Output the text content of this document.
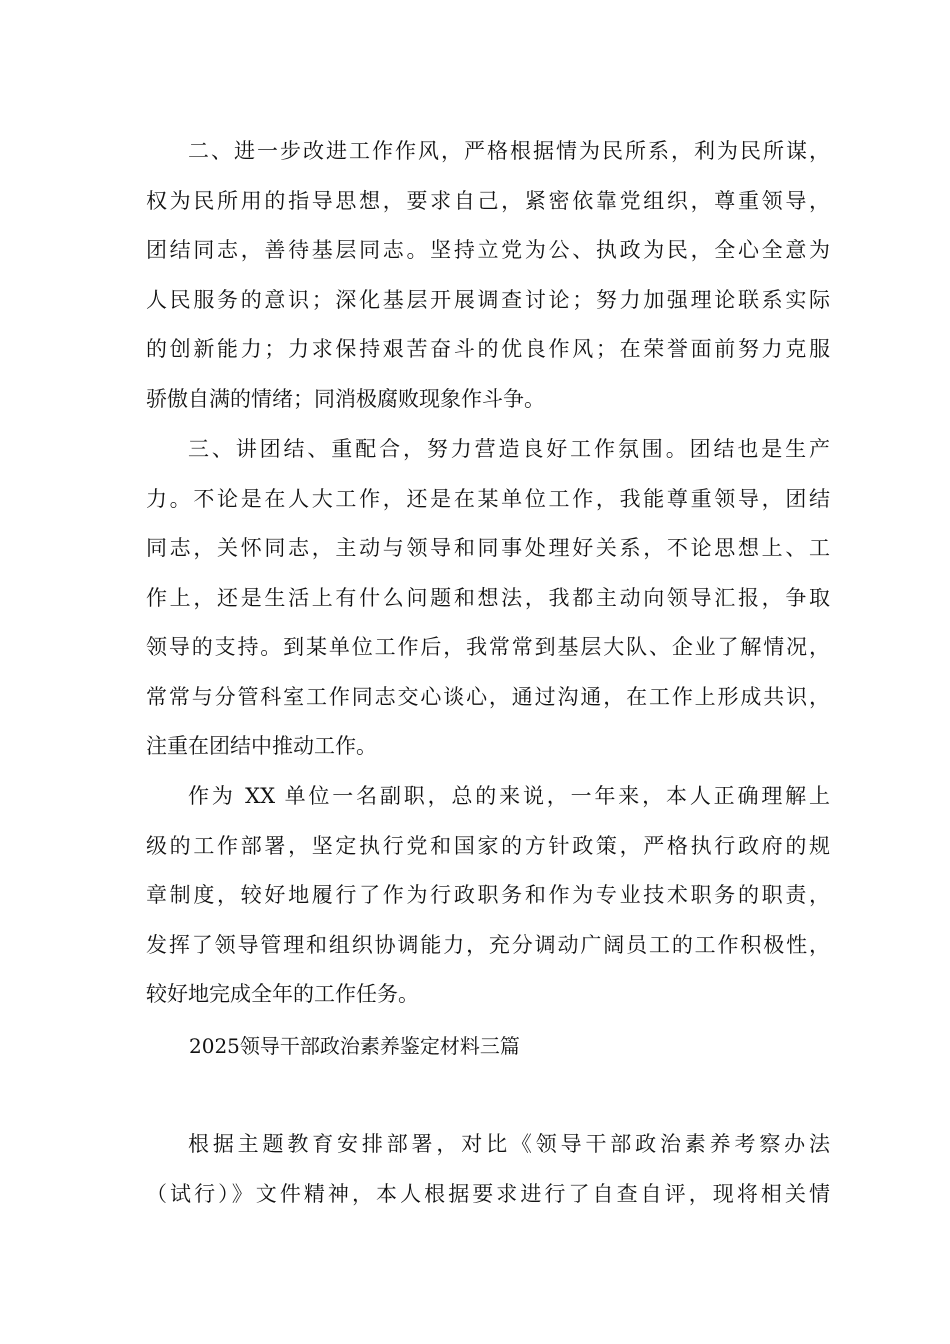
二、进一步改进工作作风，严格根据情为民所系，利为民所谋，
权为民所用的指导思想，要求自己，紧密依靠党组织，尊重领导，
团结同志，善待基层同志。坚持立党为公、执政为民，全心全意为
人民服务的意识；深化基层开展调查讨论；努力加强理论联系实际
的创新能力；力求保持艰苦奋斗的优良作风；在荣誉面前努力克服
骄傲自满的情绪；同消极腐败现象作斗争。
三、讲团结、重配合，努力营造良好工作氛围。团结也是生产
力。不论是在人大工作，还是在某单位工作，我能尊重领导，团结
同志，关怀同志，主动与领导和同事处理好关系，不论思想上、工
作上，还是生活上有什么问题和想法，我都主动向领导汇报，争取
领导的支持。到某单位工作后，我常常到基层大队、企业了解情况，
常常与分管科室工作同志交心谈心，通过沟通，在工作上形成共识，
注重在团结中推动工作。
作为 XX 单位一名副职，总的来说，一年来，本人正确理解上
级的工作部署，坚定执行党和国家的方针政策，严格执行政府的规
章制度，较好地履行了作为行政职务和作为专业技术职务的职责，
发挥了领导管理和组织协调能力，充分调动广阔员工的工作积极性，
较好地完成全年的工作任务。
2025领导干部政治素养鉴定材料三篇
根据主题教育安排部署，对比《领导干部政治素养考察办法
（试行）》文件精神，本人根据要求进行了自查自评，现将相关情
